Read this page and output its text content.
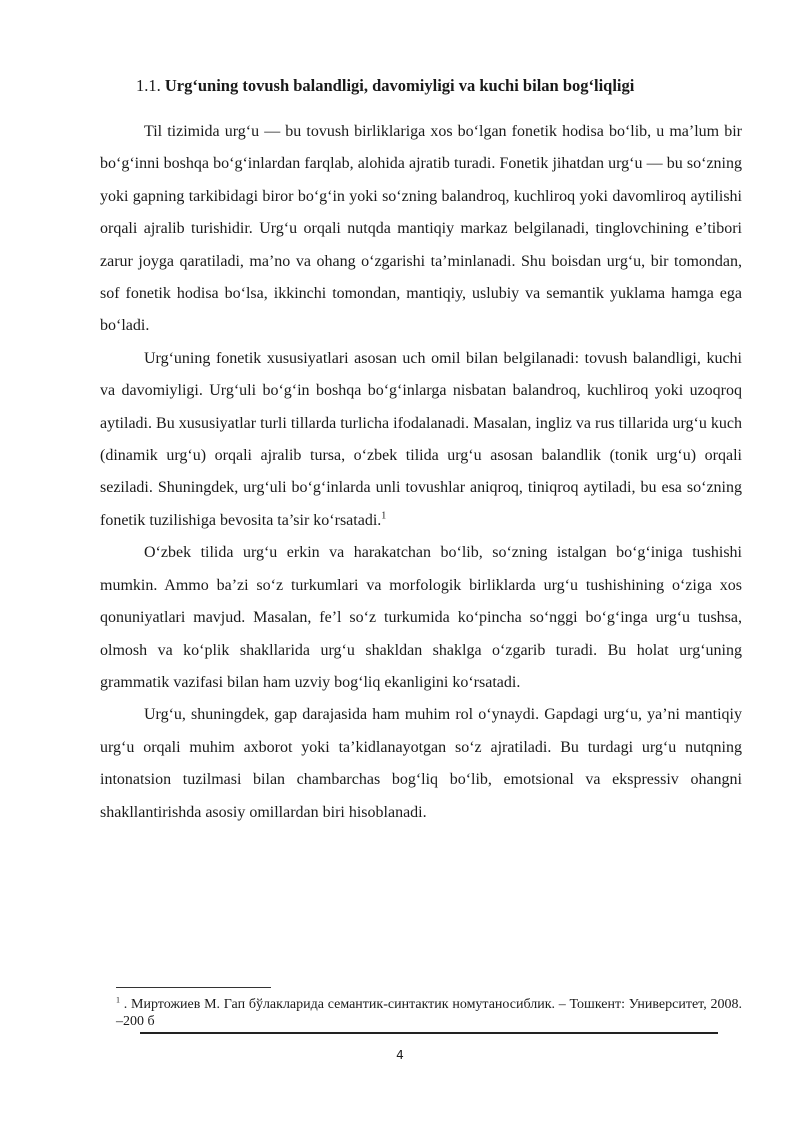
1.1. Urg‘uning tovush balandligi, davomiyligi va kuchi bilan bog‘liqligi

Til tizimida urg‘u — bu tovush birliklariga xos bo‘lgan fonetik hodisa bo‘lib, u ma’lum bir bo‘g‘inni boshqa bo‘g‘inlardan farqlab, alohida ajratib turadi. Fonetik jihatdan urg‘u — bu so‘zning yoki gapning tarkibidagi biror bo‘g‘in yoki so‘zning balandroq, kuchliroq yoki davomliroq aytilishi orqali ajralib turishidir. Urg‘u orqali nutqda mantiqiy markaz belgilanadi, tinglovchining e’tibori zarur joyga qaratiladi, ma’no va ohang o‘zgarishi ta’minlanadi. Shu boisdan urg‘u, bir tomondan, sof fonetik hodisa bo‘lsa, ikkinchi tomondan, mantiqiy, uslubiy va semantik yuklama hamga ega bo‘ladi.

Urg‘uning fonetik xususiyatlari asosan uch omil bilan belgilanadi: tovush balandligi, kuchi va davomiyligi. Urg‘uli bo‘g‘in boshqa bo‘g‘inlarga nisbatan balandroq, kuchliroq yoki uzoqroq aytiladi. Bu xususiyatlar turli tillarda turlicha ifodalanadi. Masalan, ingliz va rus tillarida urg‘u kuch (dinamik urg‘u) orqali ajralib tursa, o‘zbek tilida urg‘u asosan balandlik (tonik urg‘u) orqali seziladi. Shuningdek, urg‘uli bo‘g‘inlarda unli tovushlar aniqroq, tiniqroq aytiladi, bu esa so‘zning fonetik tuzilishiga bevosita ta’sir ko‘rsatadi.$^1$

O‘zbek tilida urg‘u erkin va harakatchan bo‘lib, so‘zning istalgan bo‘g‘iniga tushishi mumkin. Ammo ba’zi so‘z turkumlari va morfologik birliklarda urg‘u tushishining o‘ziga xos qonuniyatlari mavjud. Masalan, fe’l so‘z turkumida ko‘pincha so‘nggi bo‘g‘inga urg‘u tushsa, olmosh va ko‘plik shakllarida urg‘u shakldan shaklga o‘zgarib turadi. Bu holat urg‘uning grammatik vazifasi bilan ham uzviy bog‘liq ekanligini ko‘rsatadi.

Urg‘u, shuningdek, gap darajasida ham muhim rol o‘ynaydi. Gapdagi urg‘u, ya’ni mantiqiy urg‘u orqali muhim axborot yoki ta’kidlanayotgan so‘z ajratiladi. Bu turdagi urg‘u nutqning intonatsion tuzilmasi bilan chambarchas bog‘liq bo‘lib, emotsional va ekspressiv ohangni shakllantirishda asosiy omillardan biri hisoblanadi.

$^1$ . Миртожиев М. Гап бўлакларида семантик-синтактик номутаносиблик. – Тошкент: Университет, 2008. –200 б
4
